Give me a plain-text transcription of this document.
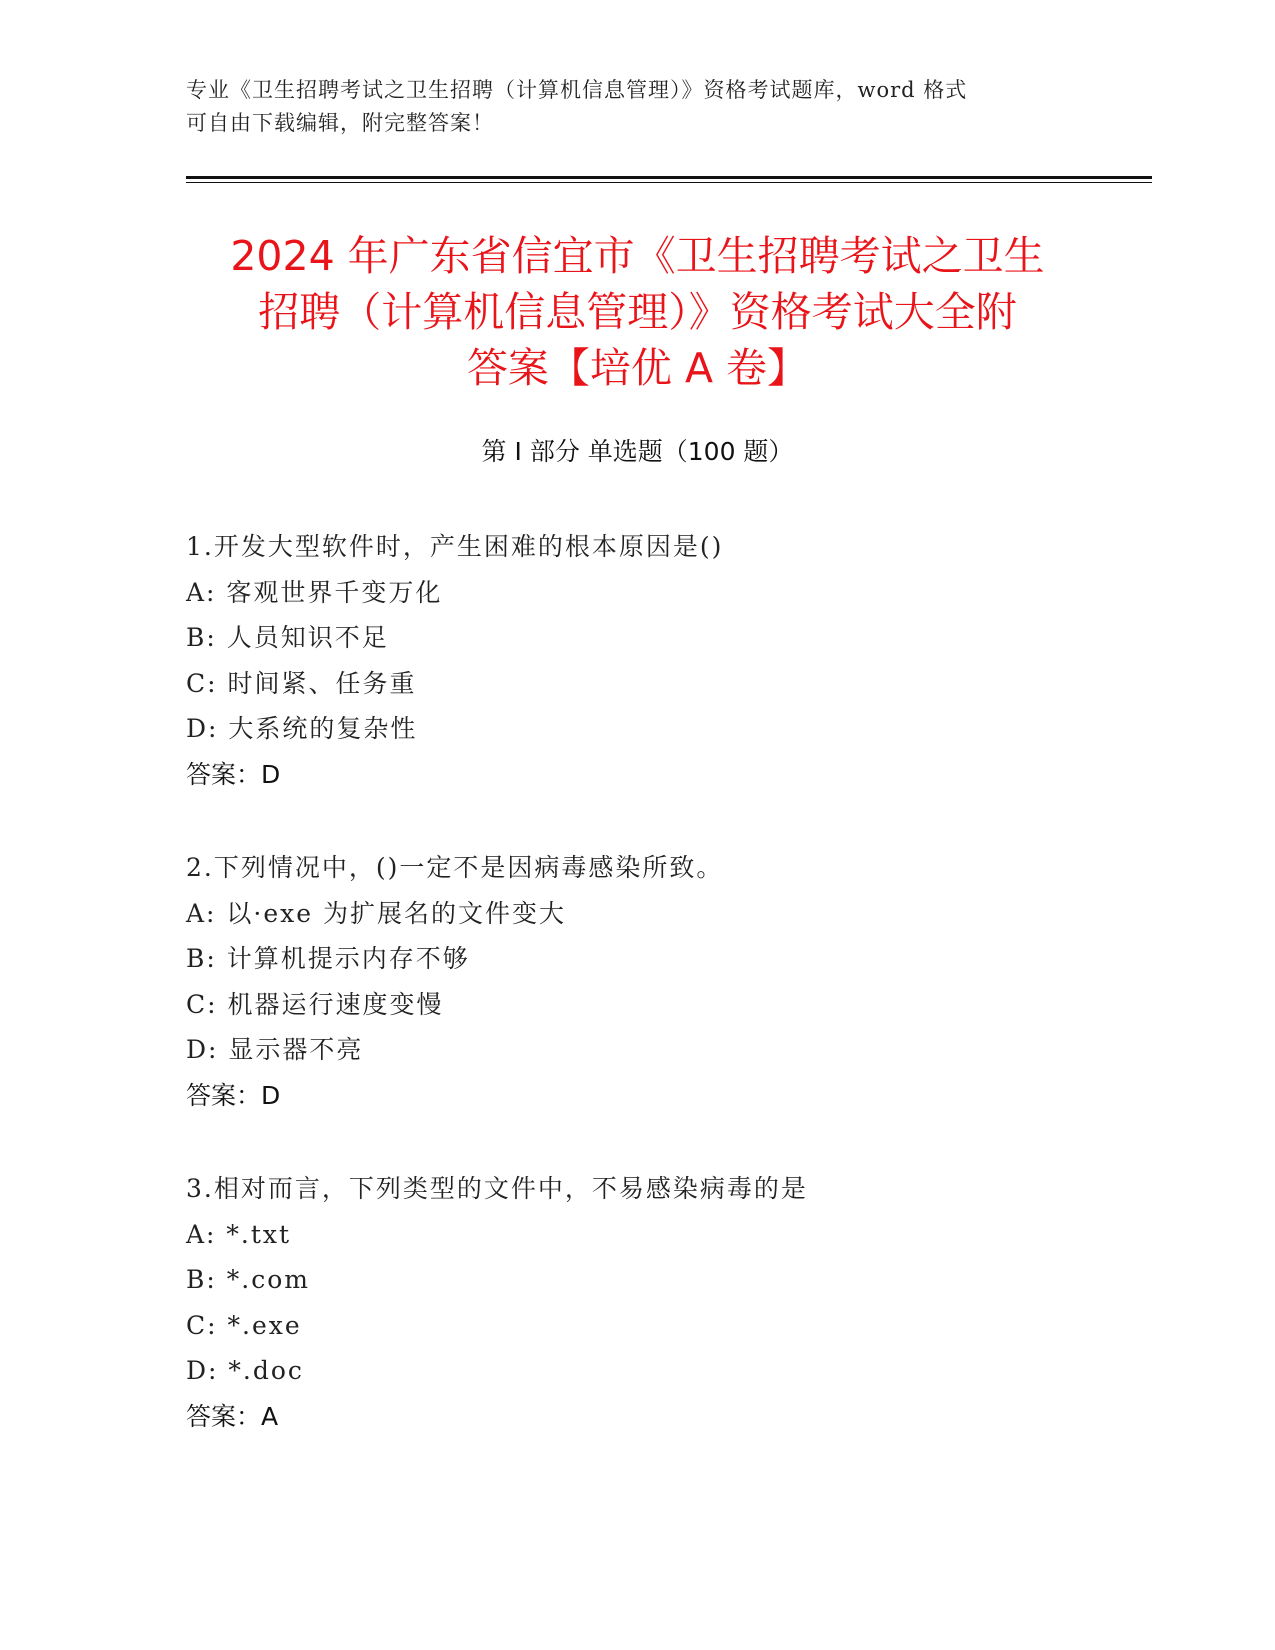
专业《卫生招聘考试之卫生招聘（计算机信息管理）》资格考试题库，word 格式
可自由下载编辑，附完整答案！
2024 年广东省信宜市《卫生招聘考试之卫生
招聘（计算机信息管理）》资格考试大全附
答案【培优 A 卷】
第 I 部分 单选题（100 题）
1.开发大型软件时，产生困难的根本原因是()
A: 客观世界千变万化
B: 人员知识不足
C: 时间紧、任务重
D: 大系统的复杂性
答案：D
2.下列情况中，()一定不是因病毒感染所致。
A: 以·exe 为扩展名的文件变大
B: 计算机提示内存不够
C: 机器运行速度变慢
D: 显示器不亮
答案：D
3.相对而言，下列类型的文件中，不易感染病毒的是
A: *.txt
B: *.com
C: *.exe
D: *.doc
答案：A
